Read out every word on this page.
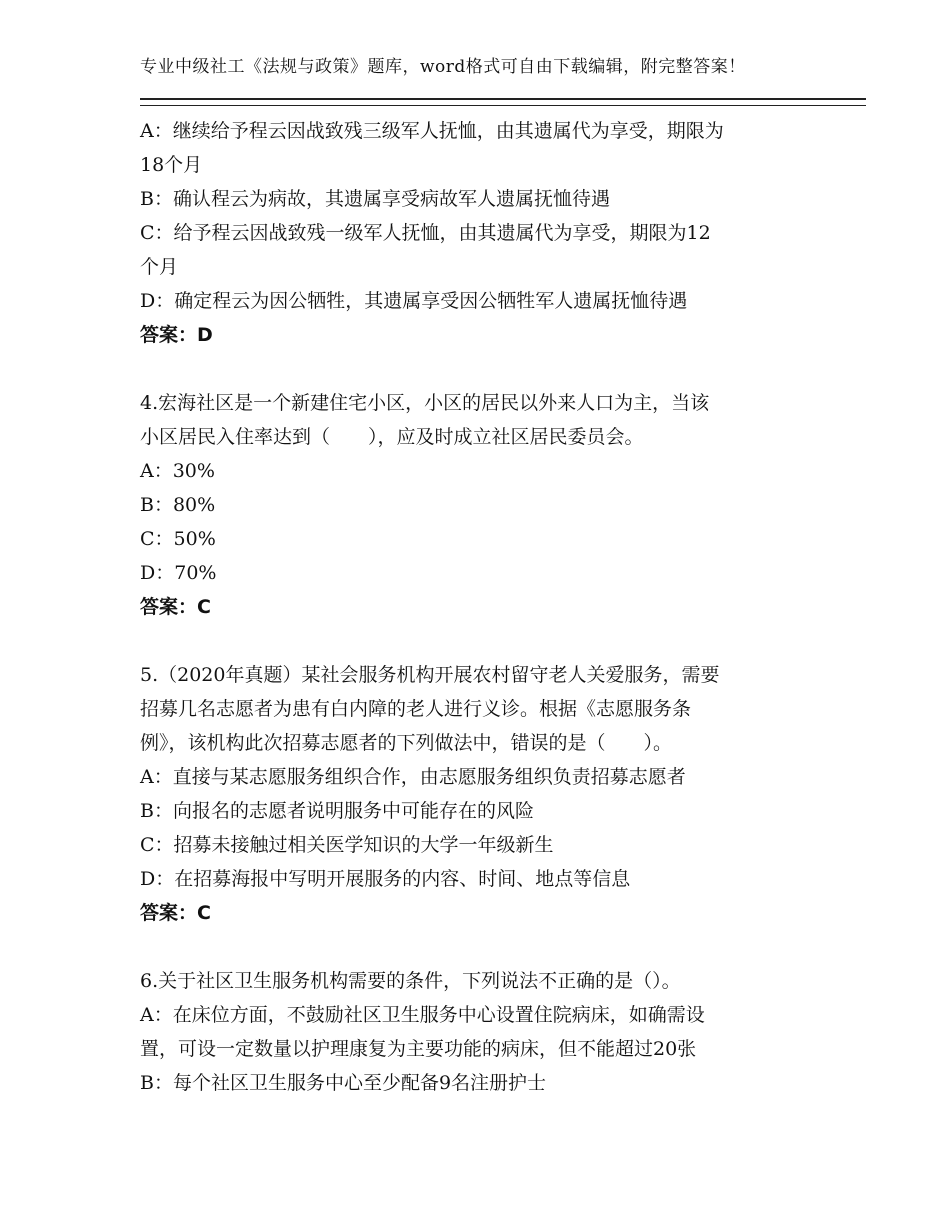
专业中级社工《法规与政策》题库，word格式可自由下载编辑，附完整答案！
A：继续给予程云因战致残三级军人抚恤，由其遗属代为享受，期限为
18个月
B：确认程云为病故，其遗属享受病故军人遗属抚恤待遇
C：给予程云因战致残一级军人抚恤，由其遗属代为享受，期限为12
个月
D：确定程云为因公牺牲，其遗属享受因公牺牲军人遗属抚恤待遇
答案：D
4.宏海社区是一个新建住宅小区，小区的居民以外来人口为主，当该
小区居民入住率达到（　　），应及时成立社区居民委员会。
A：30%
B：80%
C：50%
D：70%
答案：C
5.（2020年真题）某社会服务机构开展农村留守老人关爱服务，需要
招募几名志愿者为患有白内障的老人进行义诊。根据《志愿服务条
例》，该机构此次招募志愿者的下列做法中，错误的是（　　）。
A：直接与某志愿服务组织合作，由志愿服务组织负责招募志愿者
B：向报名的志愿者说明服务中可能存在的风险
C：招募未接触过相关医学知识的大学一年级新生
D：在招募海报中写明开展服务的内容、时间、地点等信息
答案：C
6.关于社区卫生服务机构需要的条件，下列说法不正确的是（）。
A：在床位方面，不鼓励社区卫生服务中心设置住院病床，如确需设
置，可设一定数量以护理康复为主要功能的病床，但不能超过20张
B：每个社区卫生服务中心至少配备9名注册护士
